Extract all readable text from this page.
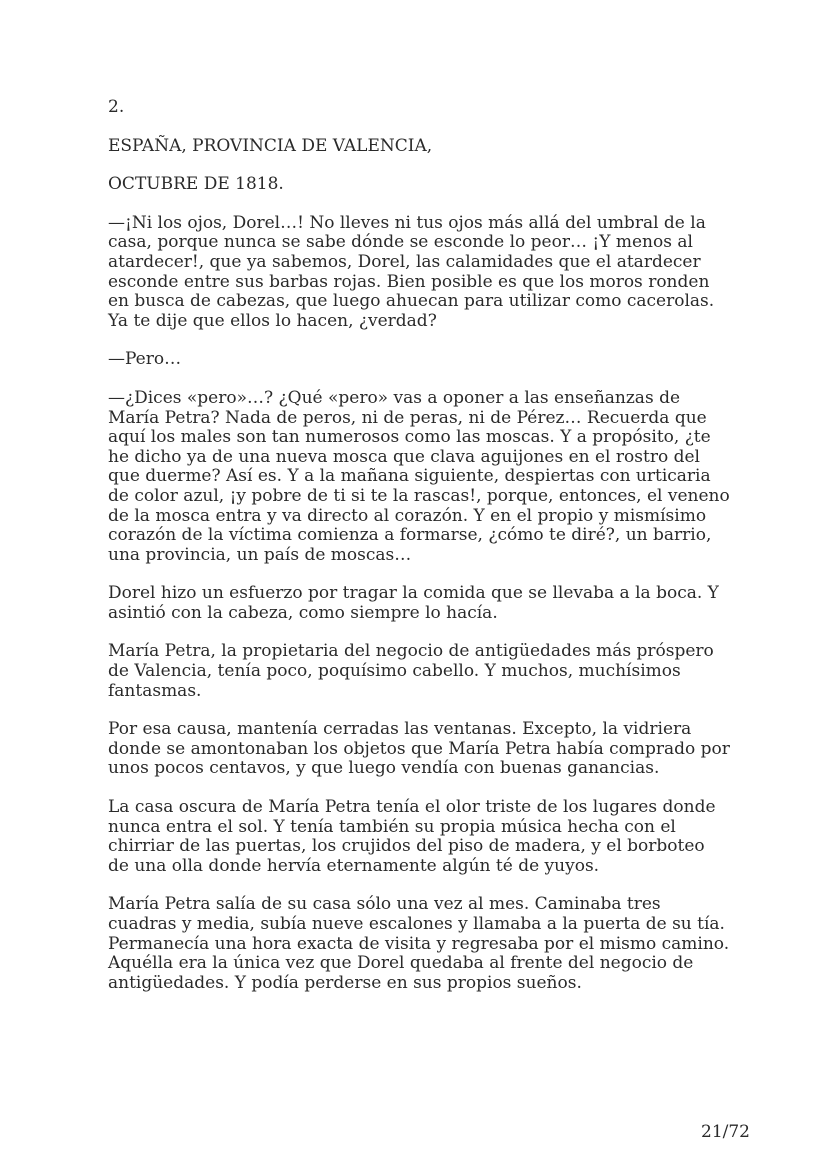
2.

ESPAÑA, PROVINCIA DE VALENCIA,

OCTUBRE DE 1818.

—¡Ni los ojos, Dorel…! No lleves ni tus ojos más allá del umbral de la casa, porque nunca se sabe dónde se esconde lo peor… ¡Y menos al atardecer!, que ya sabemos, Dorel, las calamidades que el atardecer esconde entre sus barbas rojas. Bien posible es que los moros ronden en busca de cabezas, que luego ahuecan para utilizar como cacerolas. Ya te dije que ellos lo hacen, ¿verdad?

—Pero…

—¿Dices «pero»…? ¿Qué «pero» vas a oponer a las enseñanzas de María Petra? Nada de peros, ni de peras, ni de Pérez… Recuerda que aquí los males son tan numerosos como las moscas. Y a propósito, ¿te he dicho ya de una nueva mosca que clava aguijones en el rostro del que duerme? Así es. Y a la mañana siguiente, despiertas con urticaria de color azul, ¡y pobre de ti si te la rascas!, porque, entonces, el veneno de la mosca entra y va directo al corazón. Y en el propio y mismísimo corazón de la víctima comienza a formarse, ¿cómo te diré?, un barrio, una provincia, un país de moscas…

Dorel hizo un esfuerzo por tragar la comida que se llevaba a la boca. Y asintió con la cabeza, como siempre lo hacía.

María Petra, la propietaria del negocio de antigüedades más próspero de Valencia, tenía poco, poquísimo cabello. Y muchos, muchísimos fantasmas.

Por esa causa, mantenía cerradas las ventanas. Excepto, la vidriera donde se amontonaban los objetos que María Petra había comprado por unos pocos centavos, y que luego vendía con buenas ganancias.

La casa oscura de María Petra tenía el olor triste de los lugares donde nunca entra el sol. Y tenía también su propia música hecha con el chirriar de las puertas, los crujidos del piso de madera, y el borboteo de una olla donde hervía eternamente algún té de yuyos.

María Petra salía de su casa sólo una vez al mes. Caminaba tres cuadras y media, subía nueve escalones y llamaba a la puerta de su tía. Permanecía una hora exacta de visita y regresaba por el mismo camino. Aquélla era la única vez que Dorel quedaba al frente del negocio de antigüedades. Y podía perderse en sus propios sueños.

21/72
